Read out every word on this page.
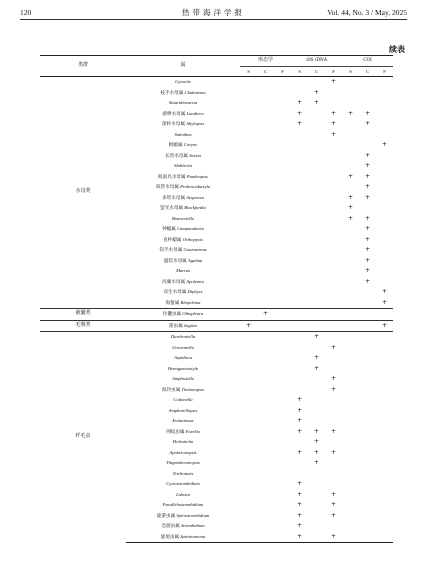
120	热带海洋学报	Vol. 44, No. 3 / May, 2025
续表
类群	属	形态学			18S rDNA			COI		
		S	C	F	S	C	F	S	C	F
水母类	Gyractis						+			
	枝手水母属 Cladonema					+				
	Stauridiosarsia				+	+				
	感棒水母属 Laodicea				+		+	+	+	
	深杯水母属 Abylopsis				+		+		+	
	Sminthea						+			
	棍螅属 Coryne									+
	长管水母属 Sarsia								+	
	Slabberia								+	
	拟面具水母属 Pandeopsis							+	+	
	拟管水母属 Proboscidactyla								+	
	多管水母属 Aequorea							+	+	
	萤光水母属 Blackfordia							+		
	Bonneviella							+	+	
	钟螅属 Campanularia								+	
	直杯螅属 Orthopyxis								+	
	钩手水母属 Gonionemus								+	
	盛装水母属 Agalma								+	
	Marrus								+	
	高翼水母属 Apolemia								+	
	双生水母属 Diphyes									+
	海蜇属 Rhopilema									+
被囊类	住囊虫属 Oikopleura		+							
毛颚类	箭虫属 Sagitta	+								+
纤毛虫	Durchoniella					+				
	Uronemella						+			
	Aspidisca					+				
	Hemigastrostyla					+				
	Amphisiella						+			
	拟铃虫属 Tintinnopsis						+			
	Codonella				+					
	Amphorellopsis				+					
	Eutintinnus				+					
	网纹虫属 Favella				+	+	+			
	Holosticha					+				
	Apokeronopsis				+	+	+			
	Thigmokeronopsis					+				
	Trichotaxis									
	Cyrtostrombidium				+					
	Laboea				+		+			
	Parallelostrombidium				+		+			
	旋游虫属 Spirostrombidium				+		+			
	急游虫属 Strombidium				+					
	旋尾虫属 Spirotontonia				+		+			
